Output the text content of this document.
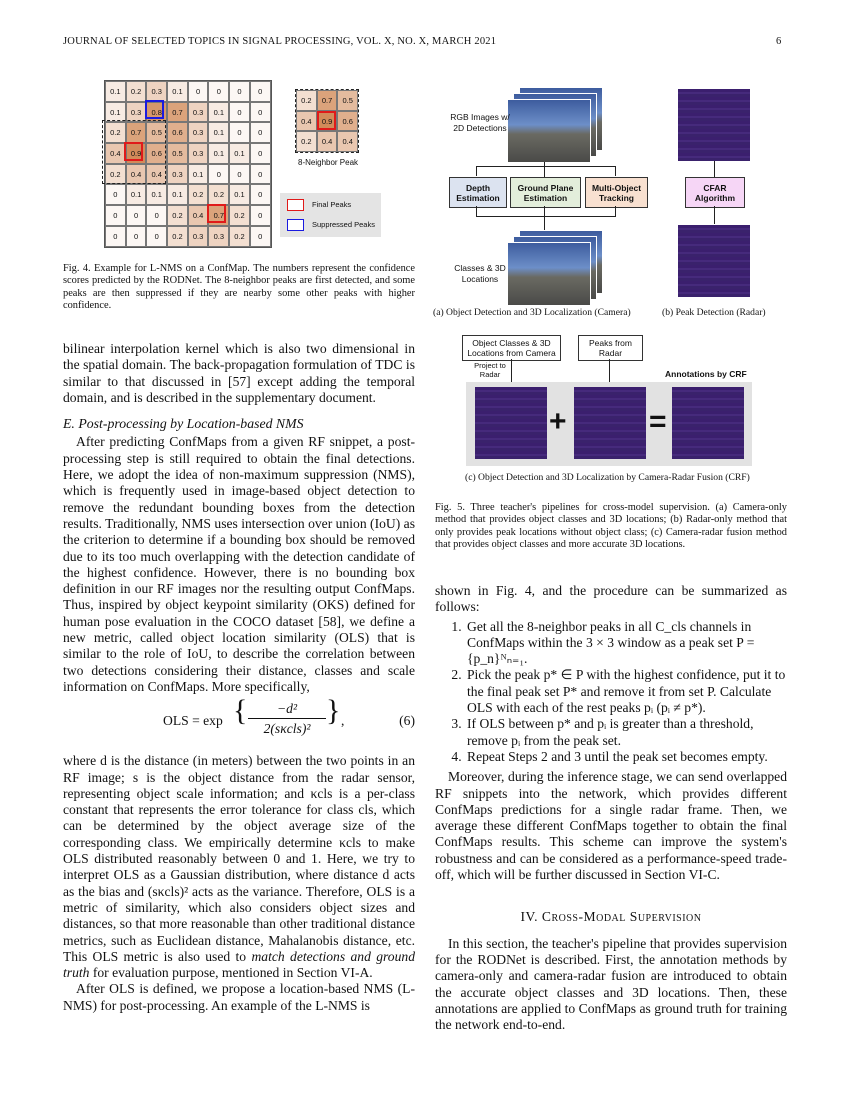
JOURNAL OF SELECTED TOPICS IN SIGNAL PROCESSING, VOL. X, NO. X, MARCH 2021	6
0.1	0.2	0.3	0.1	0	0	0	0
0.1	0.3	0.8	0.7	0.3	0.1	0	0
0.2	0.7	0.5	0.6	0.3	0.1	0	0
0.4	0.9	0.6	0.5	0.3	0.1	0.1	0
0.2	0.4	0.4	0.3	0.1	0	0	0
0	0.1	0.1	0.1	0.2	0.2	0.1	0
0	0	0	0.2	0.4	0.7	0.2	0
0	0	0	0.2	0.3	0.3	0.2	0
0.2	0.7	0.5
0.4	0.9	0.6
0.2	0.4	0.4
8-Neighbor Peak
Final Peaks
Suppressed Peaks
Fig. 4. Example for L-NMS on a ConfMap. The numbers represent the confidence scores predicted by the RODNet. The 8-neighbor peaks are first detected, and some peaks are then suppressed if they are nearby some other peaks with higher confidence.
RGB Images w/ 2D Detections
Depth Estimation
Ground Plane Estimation
Multi-Object Tracking
Classes & 3D Locations
CFAR Algorithm
(a) Object Detection and 3D Localization (Camera)	(b) Peak Detection (Radar)
Object Classes & 3D Locations from Camera
Peaks from Radar
Project to Radar	Annotations by CRF
+	=
(c) Object Detection and 3D Localization by Camera-Radar Fusion (CRF)
Fig. 5. Three teacher's pipelines for cross-model supervision. (a) Camera-only method that provides object classes and 3D locations; (b) Radar-only method that only provides peak locations without object class; (c) Camera-radar fusion method that provides object classes and more accurate 3D locations.

bilinear interpolation kernel which is also two dimensional in the spatial domain. The back-propagation formulation of TDC is similar to that discussed in [57] except adding the temporal domain, and is described in the supplementary document.

E. Post-processing by Location-based NMS

After predicting ConfMaps from a given RF snippet, a post-processing step is still required to obtain the final detections. Here, we adopt the idea of non-maximum suppression (NMS), which is frequently used in image-based object detection to remove the redundant bounding boxes from the detection results. Traditionally, NMS uses intersection over union (IoU) as the criterion to determine if a bounding box should be removed due to its too much overlapping with the detection candidate of the highest confidence. However, there is no bounding box definition in our RF images nor the resulting output ConfMaps. Thus, inspired by object keypoint similarity (OKS) defined for human pose evaluation in the COCO dataset [58], we define a new metric, called object location similarity (OLS) that is similar to the role of IoU, to describe the correlation between two detections considering their distance, classes and scale information on ConfMaps. More specifically,

OLS = exp {	−d²
2(sκcls)²
} ,	(6)

where d is the distance (in meters) between the two points in an RF image; s is the object distance from the radar sensor, representing object scale information; and κcls is a per-class constant that represents the error tolerance for class cls, which can be determined by the object average size of the corresponding class. We empirically determine κcls to make OLS distributed reasonably between 0 and 1. Here, we try to interpret OLS as a Gaussian distribution, where distance d acts as the bias and (sκcls)² acts as the variance. Therefore, OLS is a metric of similarity, which also considers object sizes and distances, so that more reasonable than other traditional distance metrics, such as Euclidean distance, Mahalanobis distance, etc. This OLS metric is also used to match detections and ground truth for evaluation purpose, mentioned in Section VI-A.

After OLS is defined, we propose a location-based NMS (L-NMS) for post-processing. An example of the L-NMS is

shown in Fig. 4, and the procedure can be summarized as follows:

1. Get all the 8-neighbor peaks in all C_cls channels in ConfMaps within the 3 × 3 window as a peak set P = {p_n}ᴺₙ₌₁.
2. Pick the peak p* ∈ P with the highest confidence, put it to the final peak set P* and remove it from set P. Calculate OLS with each of the rest peaks pᵢ (pᵢ ≠ p*).
3. If OLS between p* and pᵢ is greater than a threshold, remove pᵢ from the peak set.
4. Repeat Steps 2 and 3 until the peak set becomes empty.

Moreover, during the inference stage, we can send overlapped RF snippets into the network, which provides different ConfMaps predictions for a single radar frame. Then, we average these different ConfMaps together to obtain the final ConfMaps results. This scheme can improve the system's robustness and can be considered as a performance-speed trade-off, which will be further discussed in Section VI-C.

IV. Cross-Modal Supervision

In this section, the teacher's pipeline that provides supervision for the RODNet is described. First, the annotation methods by camera-only and camera-radar fusion are introduced to obtain the accurate object classes and 3D locations. Then, these annotations are applied to ConfMaps as ground truth for training the network end-to-end.
